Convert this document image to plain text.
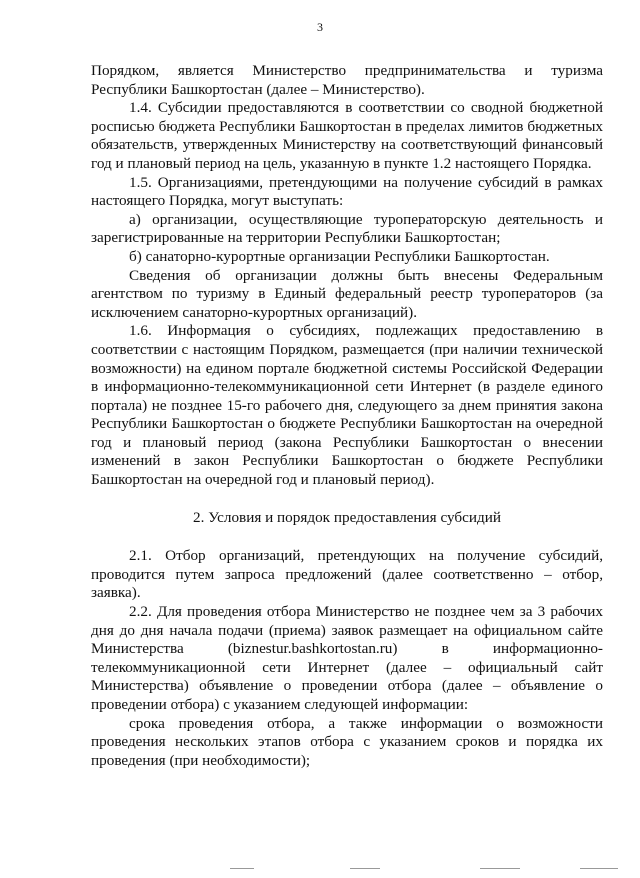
3

Порядком, является Министерство предпринимательства и туризма Республики Башкортостан (далее – Министерство).

1.4. Субсидии предоставляются в соответствии со сводной бюджетной росписью бюджета Республики Башкортостан в пределах лимитов бюджетных обязательств, утвержденных Министерству на соответствующий финансовый год и плановый период на цель, указанную в пункте 1.2 настоящего Порядка.

1.5. Организациями, претендующими на получение субсидий в рамках настоящего Порядка, могут выступать:

а) организации, осуществляющие туроператорскую деятельность и зарегистрированные на территории Республики Башкортостан;

б) санаторно-курортные организации Республики Башкортостан.

Сведения об организации должны быть внесены Федеральным агентством по туризму в Единый федеральный реестр туроператоров (за исключением санаторно-курортных организаций).

1.6. Информация о субсидиях, подлежащих предоставлению в соответствии с настоящим Порядком, размещается (при наличии технической возможности) на едином портале бюджетной системы Российской Федерации в информационно-телекоммуникационной сети Интернет (в разделе единого портала) не позднее 15-го рабочего дня, следующего за днем принятия закона Республики Башкортостан о бюджете Республики Башкортостан на очередной год и плановый период (закона Республики Башкортостан о внесении изменений в закон Республики Башкортостан о бюджете Республики Башкортостан на очередной год и плановый период).

2. Условия и порядок предоставления субсидий

2.1. Отбор организаций, претендующих на получение субсидий, проводится путем запроса предложений (далее соответственно – отбор, заявка).

2.2. Для проведения отбора Министерство не позднее чем за 3 рабочих дня до дня начала подачи (приема) заявок размещает на официальном сайте Министерства (biznestur.bashkortostan.ru) в информационно-телекоммуникационной сети Интернет (далее – официальный сайт Министерства) объявление о проведении отбора (далее – объявление о проведении отбора) с указанием следующей информации:

срока проведения отбора, а также информации о возможности проведения нескольких этапов отбора с указанием сроков и порядка их проведения (при необходимости);
